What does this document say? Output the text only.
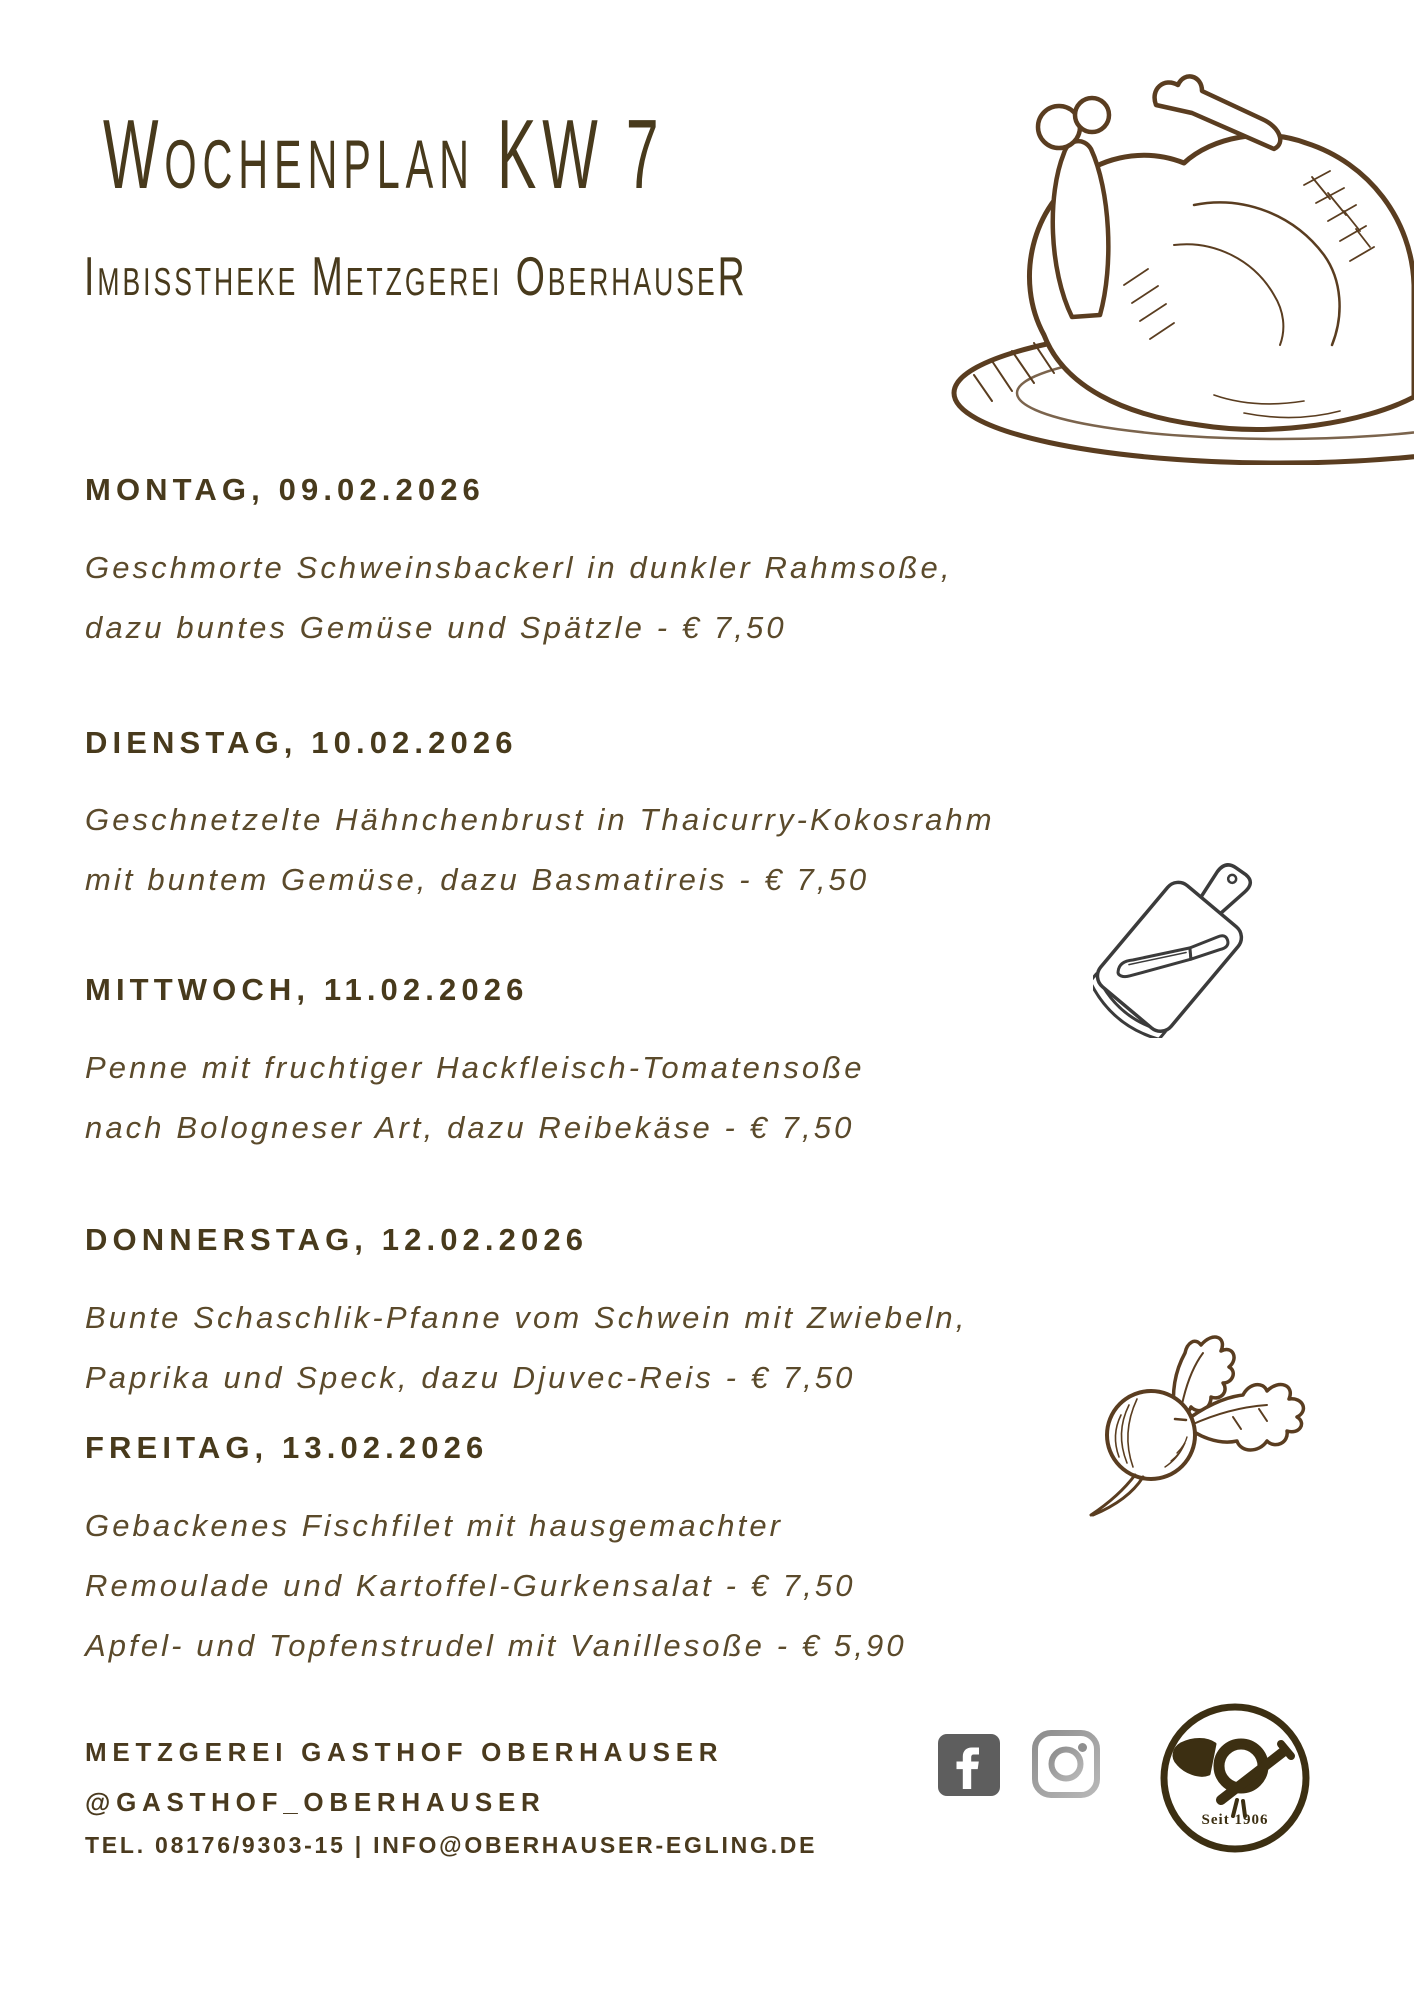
Wochenplan KW 7
Imbisstheke Metzgerei OberhauseR
MONTAG, 09.02.2026
Geschmorte Schweinsbackerl in dunkler Rahmsoße,
dazu buntes Gemüse und Spätzle - € 7,50
DIENSTAG, 10.02.2026
Geschnetzelte Hähnchenbrust in Thaicurry-Kokosrahm
mit buntem Gemüse, dazu Basmatireis - € 7,50
MITTWOCH, 11.02.2026
Penne mit fruchtiger Hackfleisch-Tomatensoße
nach Bologneser Art, dazu Reibekäse - € 7,50
DONNERSTAG, 12.02.2026
Bunte Schaschlik-Pfanne vom Schwein mit Zwiebeln,
Paprika und Speck, dazu Djuvec-Reis - € 7,50
FREITAG, 13.02.2026
Gebackenes Fischfilet mit hausgemachter
Remoulade und Kartoffel-Gurkensalat - € 7,50
Apfel- und Topfenstrudel mit Vanillesoße - € 5,90
METZGEREI GASTHOF OBERHAUSER
@GASTHOF_OBERHAUSER
TEL. 08176/9303-15 | INFO@OBERHAUSER-EGLING.DE
Seit 1906
